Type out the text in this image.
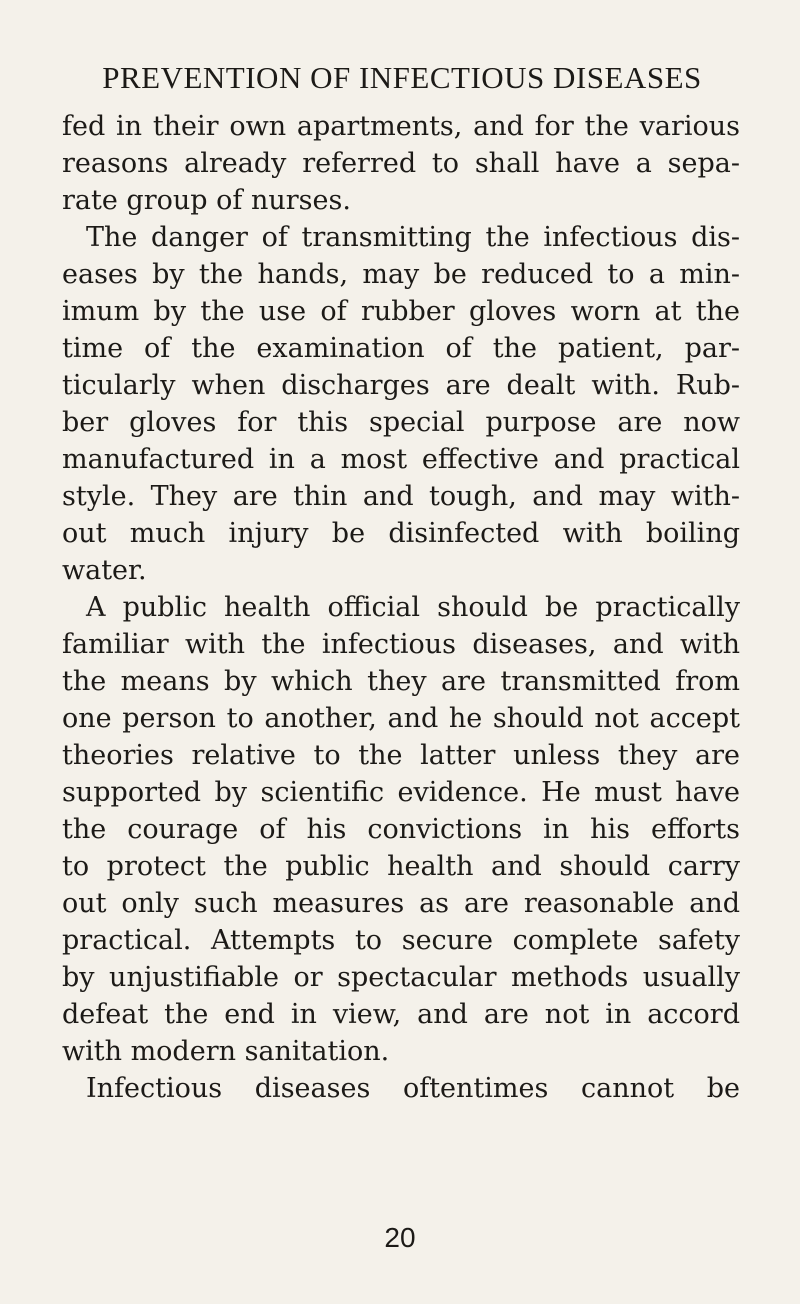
PREVENTION OF INFECTIOUS DISEASES
fed in their own apartments, and for the various
reasons already referred to shall have a sepa-
rate group of nurses.
The danger of transmitting the infectious dis-
eases by the hands, may be reduced to a min-
imum by the use of rubber gloves worn at the
time of the examination of the patient, par-
ticularly when discharges are dealt with. Rub-
ber gloves for this special purpose are now
manufactured in a most effective and practical
style. They are thin and tough, and may with-
out much injury be disinfected with boiling
water.
A public health official should be practically
familiar with the infectious diseases, and with
the means by which they are transmitted from
one person to another, and he should not accept
theories relative to the latter unless they are
supported by scientific evidence. He must have
the courage of his convictions in his efforts
to protect the public health and should carry
out only such measures as are reasonable and
practical. Attempts to secure complete safety
by unjustifiable or spectacular methods usually
defeat the end in view, and are not in accord
with modern sanitation.
Infectious diseases oftentimes cannot be
20
